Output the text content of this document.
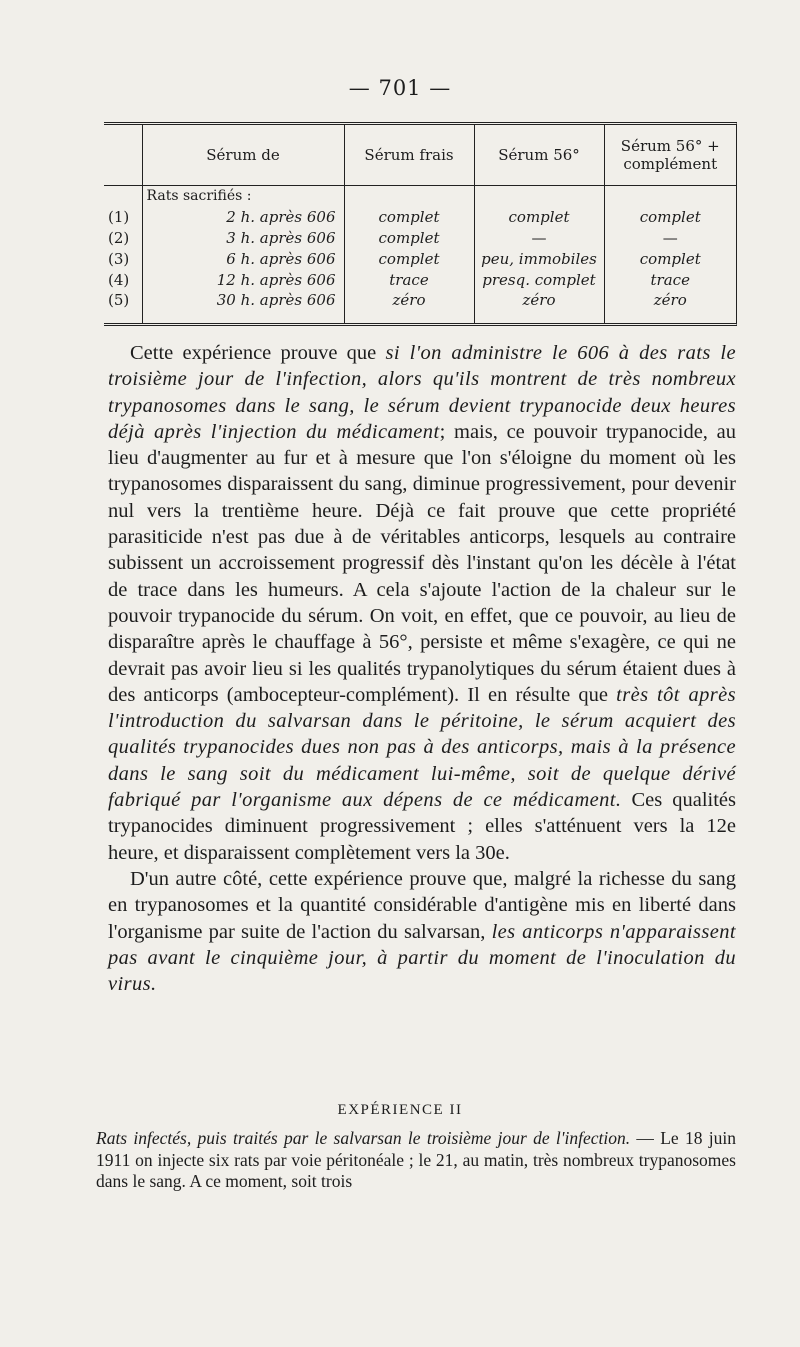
— 701 —
	Sérum de	Sérum frais	Sérum 56°	Sérum 56° + complément
	Rats sacrifiés :			
(1)	2 h. après 606	complet	complet	complet
(2)	3 h. après 606	complet	—	—
(3)	6 h. après 606	complet	peu, immobiles	complet
(4)	12 h. après 606	trace	presq. complet	trace
(5)	30 h. après 606	zéro	zéro	zéro

Cette expérience prouve que si l'on administre le 606 à des rats le troisième jour de l'infection, alors qu'ils montrent de très nombreux trypanosomes dans le sang, le sérum devient trypanocide deux heures déjà après l'injection du médicament; mais, ce pouvoir trypanocide, au lieu d'augmenter au fur et à mesure que l'on s'éloigne du moment où les trypanosomes disparaissent du sang, diminue progressivement, pour devenir nul vers la trentième heure. Déjà ce fait prouve que cette propriété parasiticide n'est pas due à de véritables anticorps, lesquels au contraire subissent un accroissement progressif dès l'instant qu'on les décèle à l'état de trace dans les humeurs. A cela s'ajoute l'action de la chaleur sur le pouvoir trypanocide du sérum. On voit, en effet, que ce pouvoir, au lieu de disparaître après le chauffage à 56°, persiste et même s'exagère, ce qui ne devrait pas avoir lieu si les qualités trypanolytiques du sérum étaient dues à des anticorps (ambocepteur-complément). Il en résulte que très tôt après l'introduction du salvarsan dans le péritoine, le sérum acquiert des qualités trypanocides dues non pas à des anticorps, mais à la présence dans le sang soit du médicament lui-même, soit de quelque dérivé fabriqué par l'organisme aux dépens de ce médicament. Ces qualités trypanocides diminuent progressivement ; elles s'atténuent vers la 12e heure, et disparaissent complètement vers la 30e.

D'un autre côté, cette expérience prouve que, malgré la richesse du sang en trypanosomes et la quantité considérable d'antigène mis en liberté dans l'organisme par suite de l'action du salvarsan, les anticorps n'apparaissent pas avant le cinquième jour, à partir du moment de l'inoculation du virus.

EXPÉRIENCE II

Rats infectés, puis traités par le salvarsan le troisième jour de l'infection. — Le 18 juin 1911 on injecte six rats par voie péritonéale ; le 21, au matin, très nombreux trypanosomes dans le sang. A ce moment, soit trois
